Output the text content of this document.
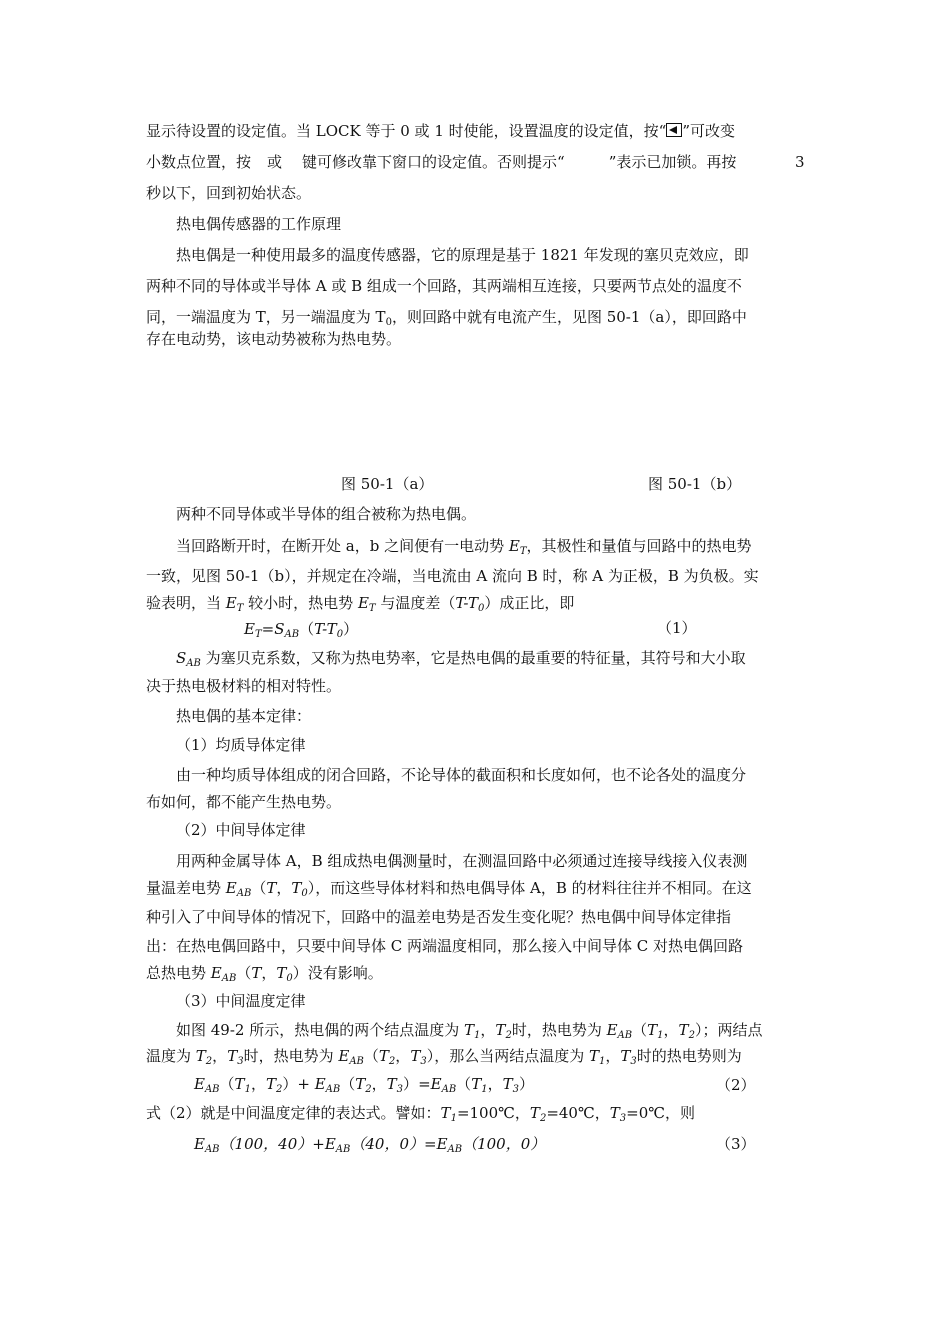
显示待设置的设定值。当 LOCK 等于 0 或 1 时使能，设置温度的设定值，按“ ”可改变
小数点位置，按 或 键可修改靠下窗口的设定值。否则提示“	”表示已加锁。再按	3
秒以下，回到初始状态。
热电偶传感器的工作原理
热电偶是一种使用最多的温度传感器，它的原理是基于 1821 年发现的塞贝克效应，即
两种不同的导体或半导体 A 或 B 组成一个回路，其两端相互连接，只要两节点处的温度不
同，一端温度为 T，另一端温度为 $T_0$，则回路中就有电流产生，见图 50-1（a），即回路中
存在电动势，该电动势被称为热电势。
图 50-1（a）	图 50-1（b）
两种不同导体或半导体的组合被称为热电偶。
当回路断开时，在断开处 a，b 之间便有一电动势 $E_T$，其极性和量值与回路中的热电势
一致，见图 50-1（b），并规定在冷端，当电流由 A 流向 B 时，称 A 为正极，B 为负极。实
验表明，当 $E_T$ 较小时，热电势 $E_T$ 与温度差$(T-T_0)$成正比，即
$E_T=S_{AB}(T-T_0)$	（1）
$S_{AB}$ 为塞贝克系数，又称为热电势率，它是热电偶的最重要的特征量，其符号和大小取
决于热电极材料的相对特性。
热电偶的基本定律：
（1）均质导体定律
由一种均质导体组成的闭合回路，不论导体的截面积和长度如何，也不论各处的温度分
布如何，都不能产生热电势。
（2）中间导体定律
用两种金属导体 A，B 组成热电偶测量时，在测温回路中必须通过连接导线接入仪表测
量温差电势 $E_{AB}(T$，$T_0$），而这些导体材料和热电偶导体 A，B 的材料往往并不相同。在这
种引入了中间导体的情况下，回路中的温差电势是否发生变化呢？热电偶中间导体定律指
出：在热电偶回路中，只要中间导体 C 两端温度相同，那么接入中间导体 C 对热电偶回路
总热电势 $E_{AB}(T$，$T_0$）没有影响。
（3）中间温度定律
如图 49-2 所示，热电偶的两个结点温度为 $T_1$，$T_2$时，热电势为 $E_{AB}(T_1$，$T_2$）；两结点
温度为 $T_2$，$T_3$时，热电势为 $E_{AB}(T_2$，$T_3$），那么当两结点温度为 $T_1$，$T_3$时的热电势则为
$E_{AB}(T_1$，$T_2)+ E_{AB}(T_2$，$T_3)=E_{AB}(T_1$，$T_3$）	（2）
式（2）就是中间温度定律的表达式。譬如：$T_1=100℃$，$T_2=40℃$，$T_3=0℃$，则
$E_{AB}(100$，$40)+E_{AB}(40$，$0)=E_{AB}(100$，0）	（3）
